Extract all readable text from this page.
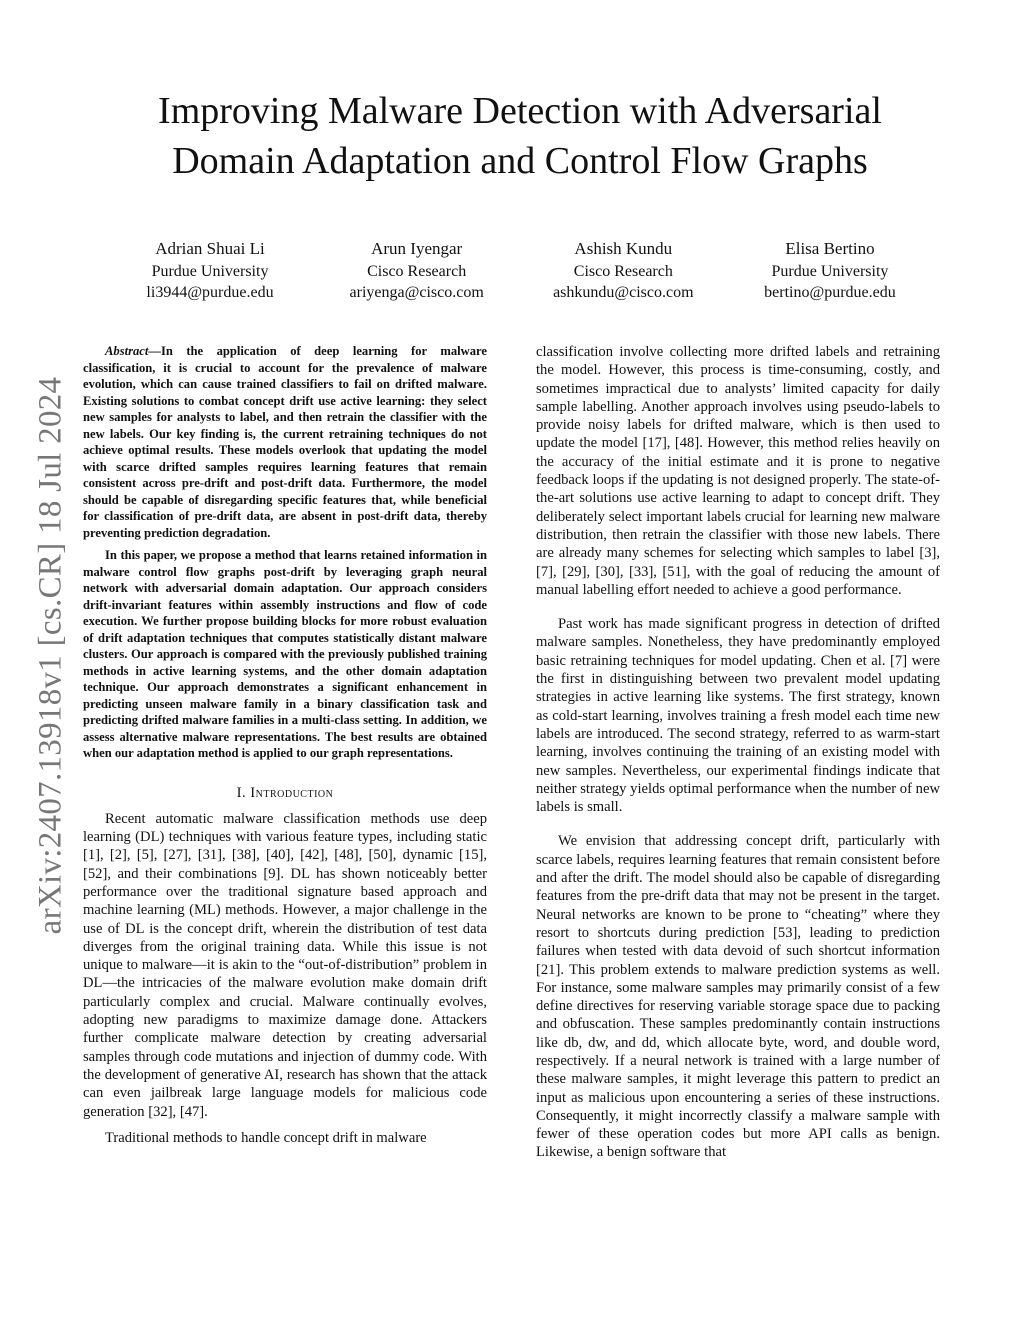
arXiv:2407.13918v1 [cs.CR] 18 Jul 2024
Improving Malware Detection with Adversarial Domain Adaptation and Control Flow Graphs
Adrian Shuai Li
Purdue University
li3944@purdue.edu
Arun Iyengar
Cisco Research
ariyenga@cisco.com
Ashish Kundu
Cisco Research
ashkundu@cisco.com
Elisa Bertino
Purdue University
bertino@purdue.edu

Abstract—In the application of deep learning for malware classification, it is crucial to account for the prevalence of malware evolution, which can cause trained classifiers to fail on drifted malware. Existing solutions to combat concept drift use active learning: they select new samples for analysts to label, and then retrain the classifier with the new labels. Our key finding is, the current retraining techniques do not achieve optimal results. These models overlook that updating the model with scarce drifted samples requires learning features that remain consistent across pre-drift and post-drift data. Furthermore, the model should be capable of disregarding specific features that, while beneficial for classification of pre-drift data, are absent in post-drift data, thereby preventing prediction degradation.

In this paper, we propose a method that learns retained information in malware control flow graphs post-drift by leveraging graph neural network with adversarial domain adaptation. Our approach considers drift-invariant features within assembly instructions and flow of code execution. We further propose building blocks for more robust evaluation of drift adaptation techniques that computes statistically distant malware clusters. Our approach is compared with the previously published training methods in active learning systems, and the other domain adaptation technique. Our approach demonstrates a significant enhancement in predicting unseen malware family in a binary classification task and predicting drifted malware families in a multi-class setting. In addition, we assess alternative malware representations. The best results are obtained when our adaptation method is applied to our graph representations.

I. Introduction

Recent automatic malware classification methods use deep learning (DL) techniques with various feature types, including static [1], [2], [5], [27], [31], [38], [40], [42], [48], [50], dynamic [15], [52], and their combinations [9]. DL has shown noticeably better performance over the traditional signature based approach and machine learning (ML) methods. However, a major challenge in the use of DL is the concept drift, wherein the distribution of test data diverges from the original training data. While this issue is not unique to malware—it is akin to the “out-of-distribution” problem in DL—the intricacies of the malware evolution make domain drift particularly complex and crucial. Malware continually evolves, adopting new paradigms to maximize damage done. Attackers further complicate malware detection by creating adversarial samples through code mutations and injection of dummy code. With the development of generative AI, research has shown that the attack can even jailbreak large language models for malicious code generation [32], [47].

Traditional methods to handle concept drift in malware

classification involve collecting more drifted labels and retraining the model. However, this process is time-consuming, costly, and sometimes impractical due to analysts’ limited capacity for daily sample labelling. Another approach involves using pseudo-labels to provide noisy labels for drifted malware, which is then used to update the model [17], [48]. However, this method relies heavily on the accuracy of the initial estimate and it is prone to negative feedback loops if the updating is not designed properly. The state-of-the-art solutions use active learning to adapt to concept drift. They deliberately select important labels crucial for learning new malware distribution, then retrain the classifier with those new labels. There are already many schemes for selecting which samples to label [3], [7], [29], [30], [33], [51], with the goal of reducing the amount of manual labelling effort needed to achieve a good performance.

Past work has made significant progress in detection of drifted malware samples. Nonetheless, they have predominantly employed basic retraining techniques for model updating. Chen et al. [7] were the first in distinguishing between two prevalent model updating strategies in active learning like systems. The first strategy, known as cold-start learning, involves training a fresh model each time new labels are introduced. The second strategy, referred to as warm-start learning, involves continuing the training of an existing model with new samples. Nevertheless, our experimental findings indicate that neither strategy yields optimal performance when the number of new labels is small.

We envision that addressing concept drift, particularly with scarce labels, requires learning features that remain consistent before and after the drift. The model should also be capable of disregarding features from the pre-drift data that may not be present in the target. Neural networks are known to be prone to “cheating” where they resort to shortcuts during prediction [53], leading to prediction failures when tested with data devoid of such shortcut information [21]. This problem extends to malware prediction systems as well. For instance, some malware samples may primarily consist of a few define directives for reserving variable storage space due to packing and obfuscation. These samples predominantly contain instructions like db, dw, and dd, which allocate byte, word, and double word, respectively. If a neural network is trained with a large number of these malware samples, it might leverage this pattern to predict an input as malicious upon encountering a series of these instructions. Consequently, it might incorrectly classify a malware sample with fewer of these operation codes but more API calls as benign. Likewise, a benign software that
